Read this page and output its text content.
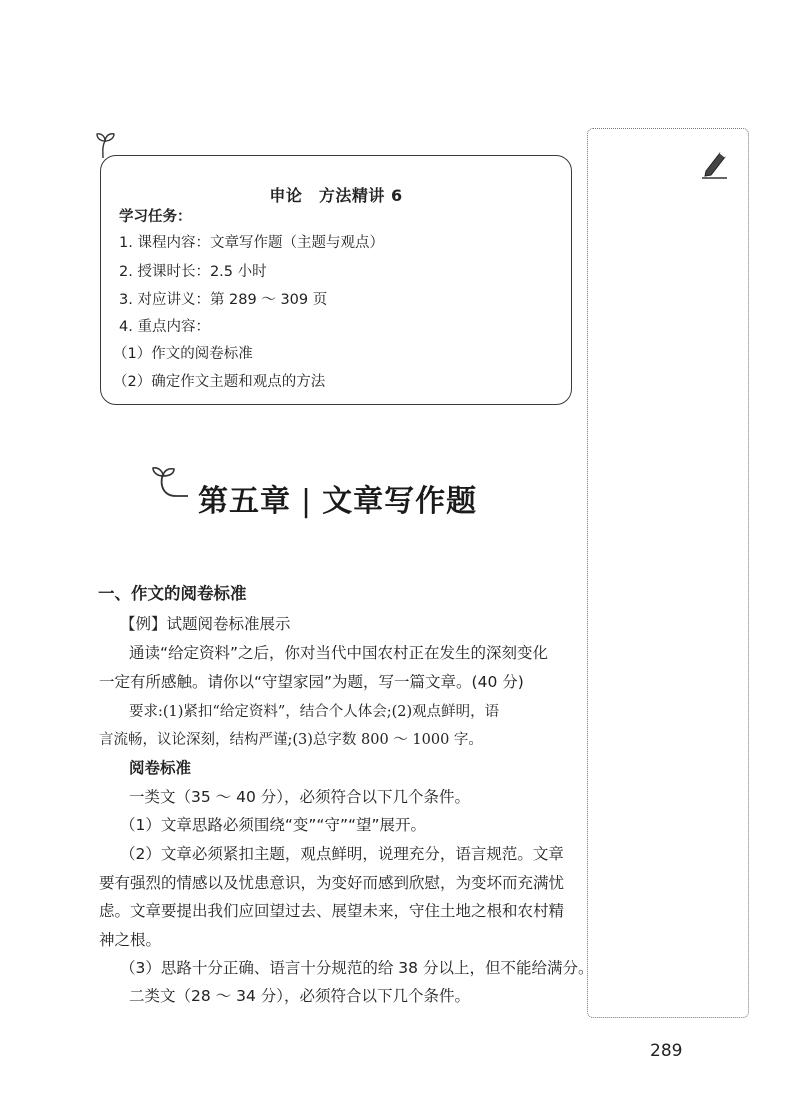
申论　方法精讲 6
学习任务：
1. 课程内容：文章写作题（主题与观点）
2. 授课时长：2.5 小时
3. 对应讲义：第 289 ～ 309 页
4. 重点内容：
（1）作文的阅卷标准
（2）确定作文主题和观点的方法
第五章 | 文章写作题
一、作文的阅卷标准
【例】试题阅卷标准展示
通读“给定资料”之后，你对当代中国农村正在发生的深刻变化
一定有所感触。请你以“守望家园”为题，写一篇文章。(40 分)
要求:(1)紧扣“给定资料”，结合个人体会;(2)观点鲜明，语
言流畅，议论深刻，结构严谨;(3)总字数 800 ～ 1000 字。
阅卷标准
一类文（35 ～ 40 分），必须符合以下几个条件。
（1）文章思路必须围绕“变”“守”“望”展开。
（2）文章必须紧扣主题，观点鲜明，说理充分，语言规范。文章
要有强烈的情感以及忧患意识，为变好而感到欣慰，为变坏而充满忧
虑。文章要提出我们应回望过去、展望未来，守住土地之根和农村精
神之根。
（3）思路十分正确、语言十分规范的给 38 分以上，但不能给满分。
二类文（28 ～ 34 分），必须符合以下几个条件。
289
